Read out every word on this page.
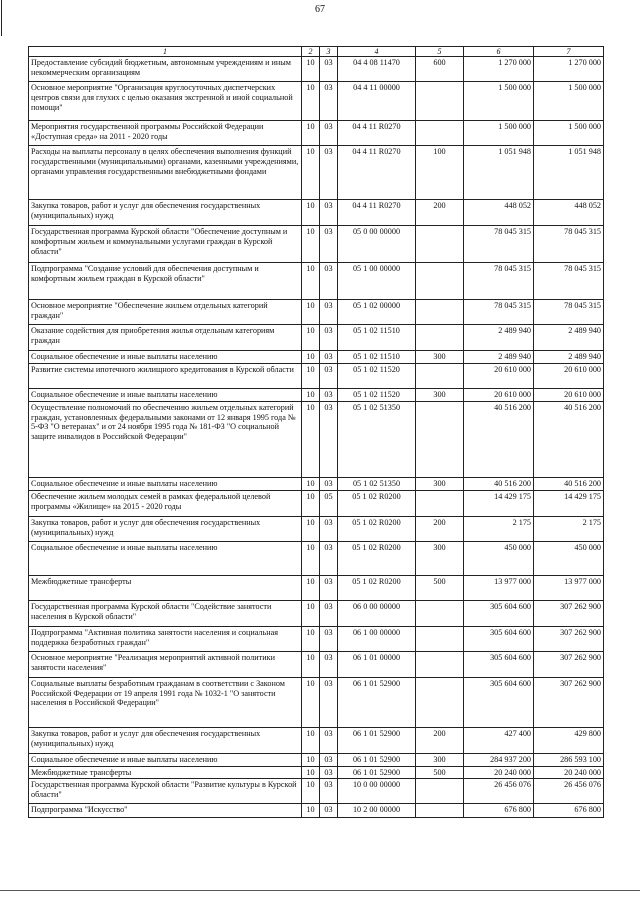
67
1	2	3	4	5	6	7
Предоставление субсидий бюджетным, автономным учреждениям и иным некоммерческим организациям	10	03	04 4 08 11470	600	1 270 000	1 270 000
Основное мероприятие "Организация круглосуточных диспетчерских центров связи для глухих с целью оказания экстренной и иной социальной помощи"	10	03	04 4 11 00000		1 500 000	1 500 000
Мероприятия государственной программы Российской Федерации «Доступная среда» на 2011 - 2020 годы	10	03	04 4 11 R0270		1 500 000	1 500 000
Расходы на выплаты персоналу в целях обеспечения выполнения функций государственными (муниципальными) органами, казенными учреждениями, органами управления государственными внебюджетными фондами	10	03	04 4 11 R0270	100	1 051 948	1 051 948
Закупка товаров, работ и услуг для обеспечения государственных (муниципальных) нужд	10	03	04 4 11 R0270	200	448 052	448 052
Государственная программа Курской области "Обеспечение доступным и комфортным жильем и коммунальными услугами граждан в Курской области"	10	03	05 0 00 00000		78 045 315	78 045 315
Подпрограмма "Создание условий для обеспечения доступным и комфортным жильем граждан в Курской области"	10	03	05 1 00 00000		78 045 315	78 045 315
Основное мероприятие "Обеспечение жильем отдельных категорий граждан"	10	03	05 1 02 00000		78 045 315	78 045 315
Оказание содействия для приобретения жилья отдельным категориям граждан	10	03	05 1 02 11510		2 489 940	2 489 940
Социальное обеспечение и иные выплаты населению	10	03	05 1 02 11510	300	2 489 940	2 489 940
Развитие системы ипотечного жилищного кредитования в Курской области	10	03	05 1 02 11520		20 610 000	20 610 000
Социальное обеспечение и иные выплаты населению	10	03	05 1 02 11520	300	20 610 000	20 610 000
Осуществление полномочий по обеспечению жильем отдельных категорий граждан, установленных федеральными законами от 12 января 1995 года № 5-ФЗ "О ветеранах" и от 24 ноября 1995 года № 181-ФЗ "О социальной защите инвалидов в Российской Федерации"	10	03	05 1 02 51350		40 516 200	40 516 200
Социальное обеспечение и иные выплаты населению	10	03	05 1 02 51350	300	40 516 200	40 516 200
Обеспечение жильем молодых семей в рамках федеральной целевой программы «Жилище» на 2015 - 2020 годы	10	05	05 1 02 R0200		14 429 175	14 429 175
Закупка товаров, работ и услуг для обеспечения государственных (муниципальных) нужд	10	03	05 1 02 R0200	200	2 175	2 175
Социальное обеспечение и иные выплаты населению	10	03	05 1 02 R0200	300	450 000	450 000
Межбюджетные трансферты	10	03	05 1 02 R0200	500	13 977 000	13 977 000
Государственная программа Курской области "Содействие занятости населения в Курской области"	10	03	06 0 00 00000		305 604 600	307 262 900
Подпрограмма "Активная политика занятости населения и социальная поддержка безработных граждан"	10	03	06 1 00 00000		305 604 600	307 262 900
Основное мероприятие "Реализация мероприятий активной политики занятости населения"	10	03	06 1 01 00000		305 604 600	307 262 900
Социальные выплаты безработным гражданам в соответствии с Законом Российской Федерации от 19 апреля 1991 года № 1032-1 "О занятости населения в Российской Федерации"	10	03	06 1 01 52900		305 604 600	307 262 900
Закупка товаров, работ и услуг для обеспечения государственных (муниципальных) нужд	10	03	06 1 01 52900	200	427 400	429 800
Социальное обеспечение и иные выплаты населению	10	03	06 1 01 52900	300	284 937 200	286 593 100
Межбюджетные трансферты	10	03	06 1 01 52900	500	20 240 000	20 240 000
Государственная программа Курской области "Развитие культуры в Курской области"	10	03	10 0 00 00000		26 456 076	26 456 076
Подпрограмма "Искусство"	10	03	10 2 00 00000		676 800	676 800
